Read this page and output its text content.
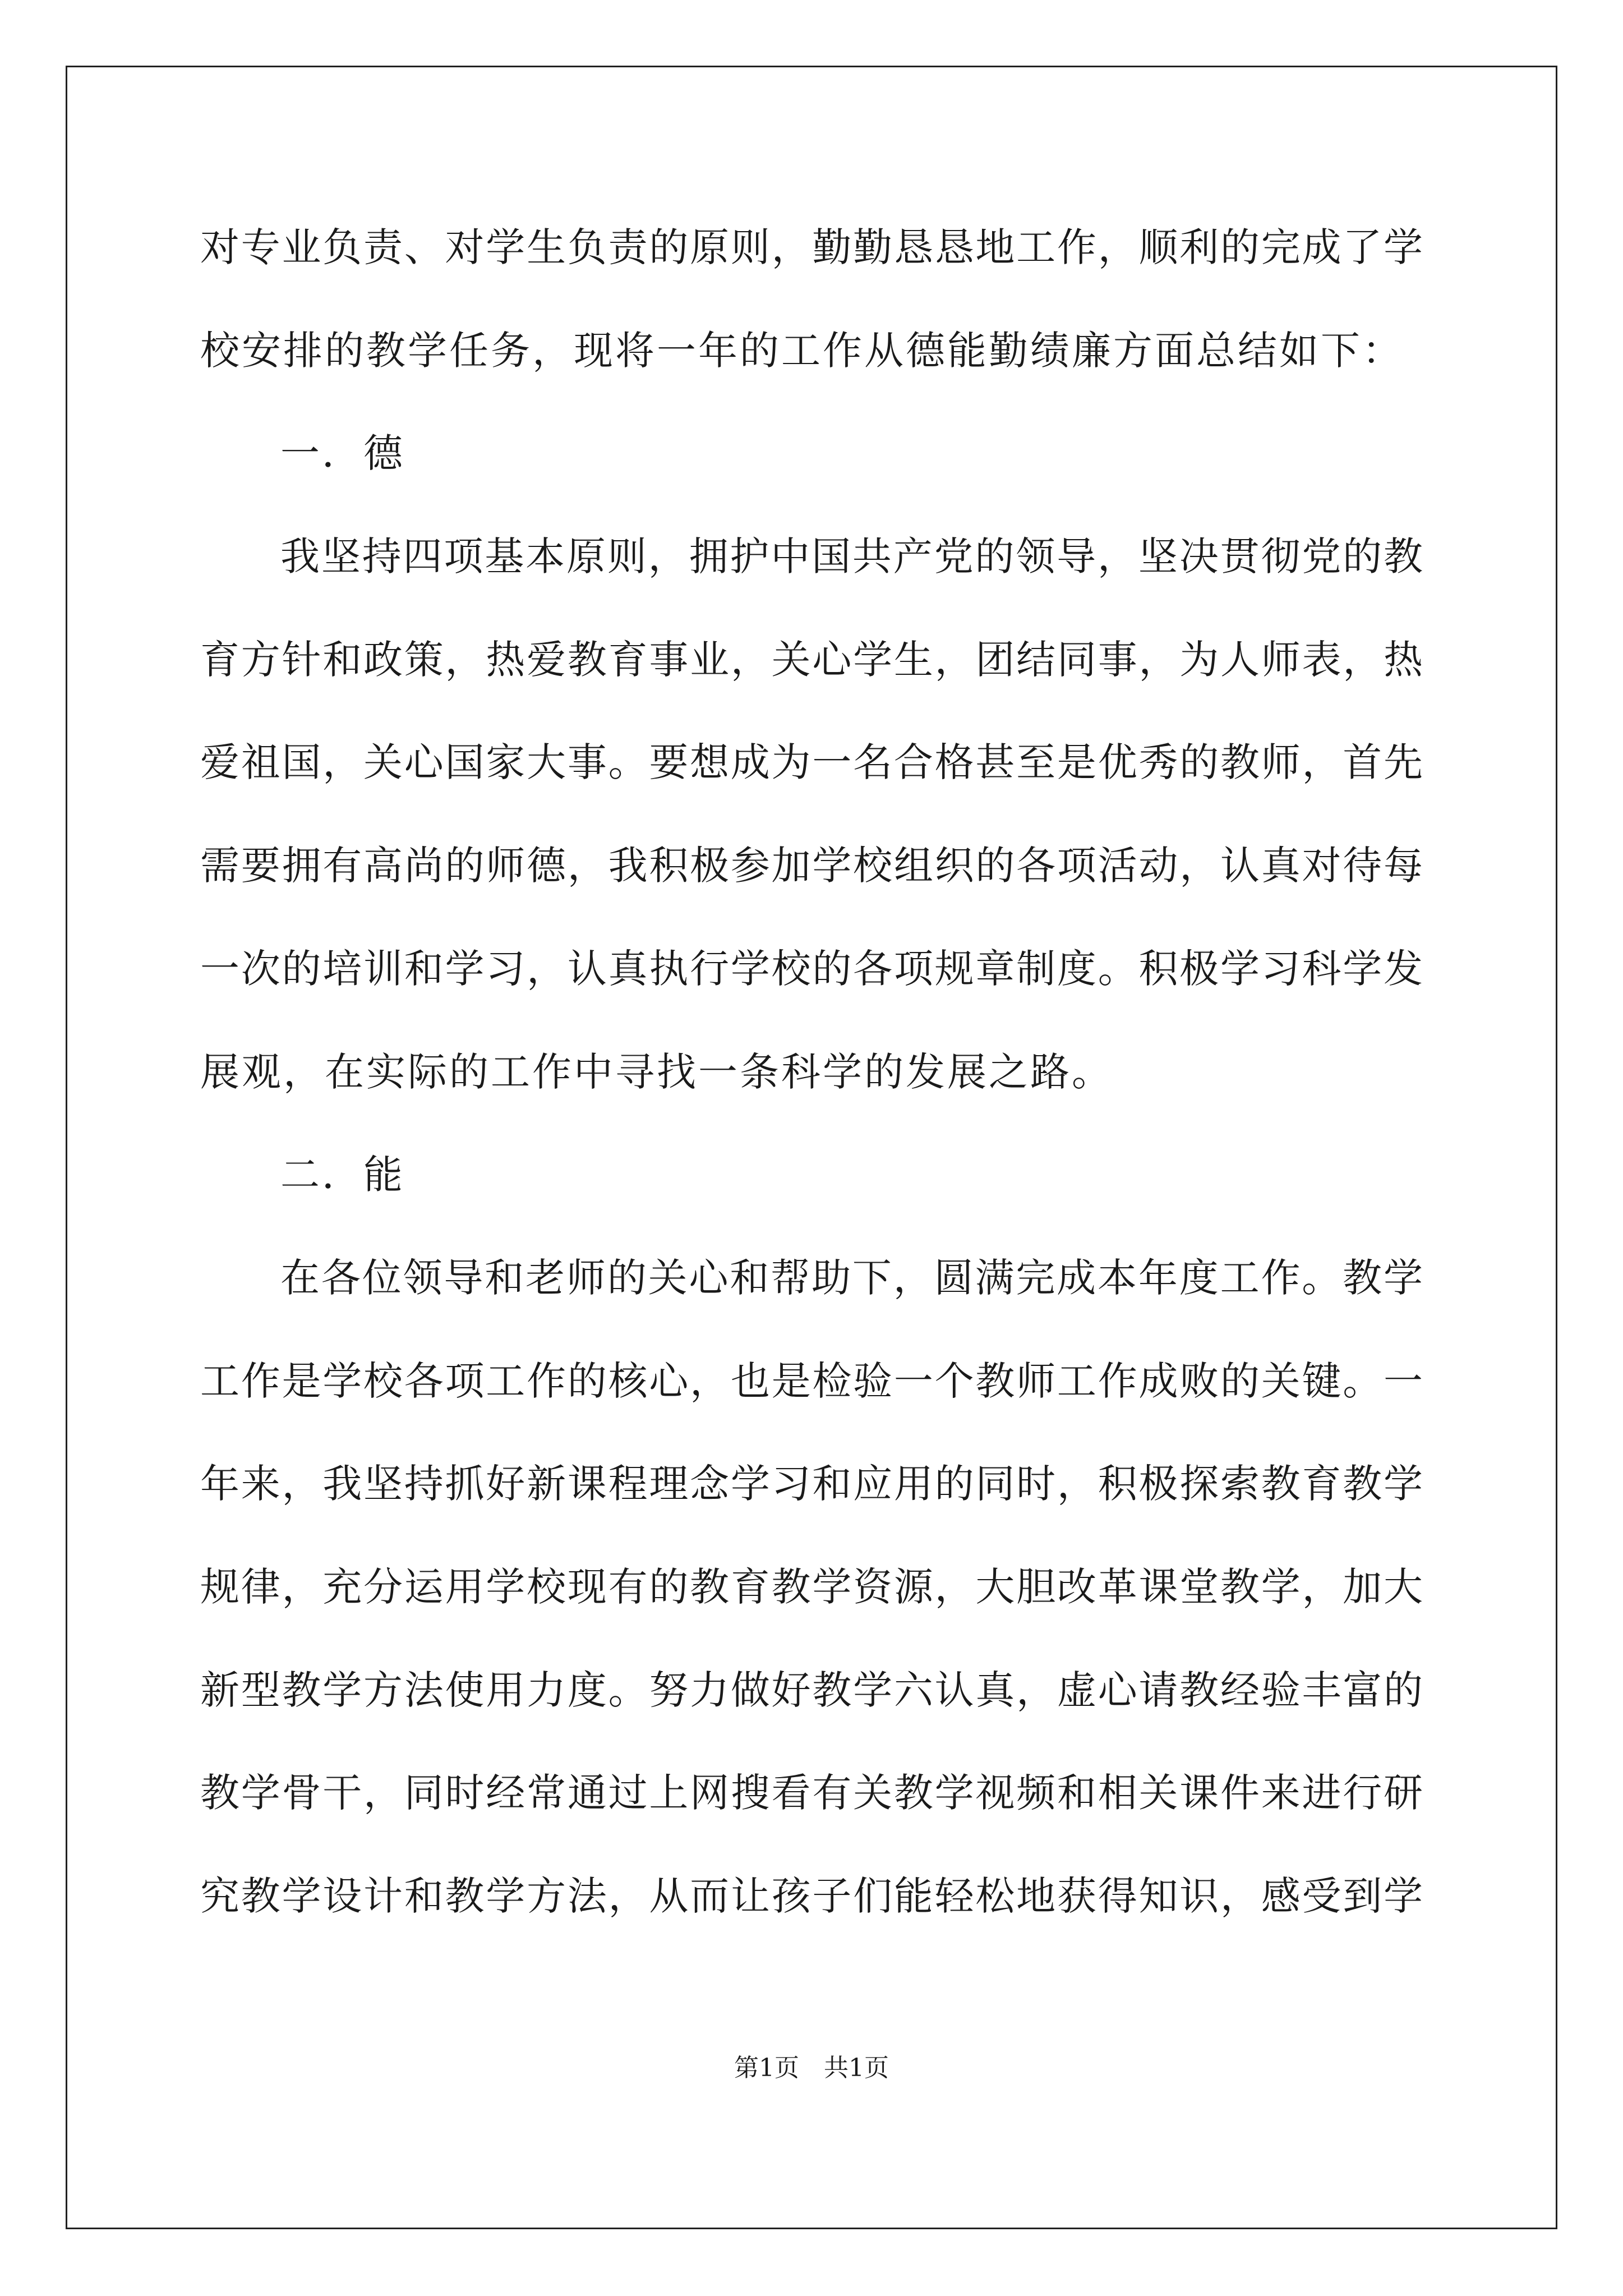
对专业负责、对学生负责的原则，勤勤恳恳地工作，顺利的完成了学
校安排的教学任务，现将一年的工作从德能勤绩廉方面总结如下：
一．德
我坚持四项基本原则，拥护中国共产党的领导，坚决贯彻党的教
育方针和政策，热爱教育事业，关心学生，团结同事，为人师表，热
爱祖国，关心国家大事。要想成为一名合格甚至是优秀的教师，首先
需要拥有高尚的师德，我积极参加学校组织的各项活动，认真对待每
一次的培训和学习，认真执行学校的各项规章制度。积极学习科学发
展观，在实际的工作中寻找一条科学的发展之路。
二．能
在各位领导和老师的关心和帮助下，圆满完成本年度工作。教学
工作是学校各项工作的核心，也是检验一个教师工作成败的关键。一
年来，我坚持抓好新课程理念学习和应用的同时，积极探索教育教学
规律，充分运用学校现有的教育教学资源，大胆改革课堂教学，加大
新型教学方法使用力度。努力做好教学六认真，虚心请教经验丰富的
教学骨干，同时经常通过上网搜看有关教学视频和相关课件来进行研
究教学设计和教学方法，从而让孩子们能轻松地获得知识，感受到学
第1页　共1页
